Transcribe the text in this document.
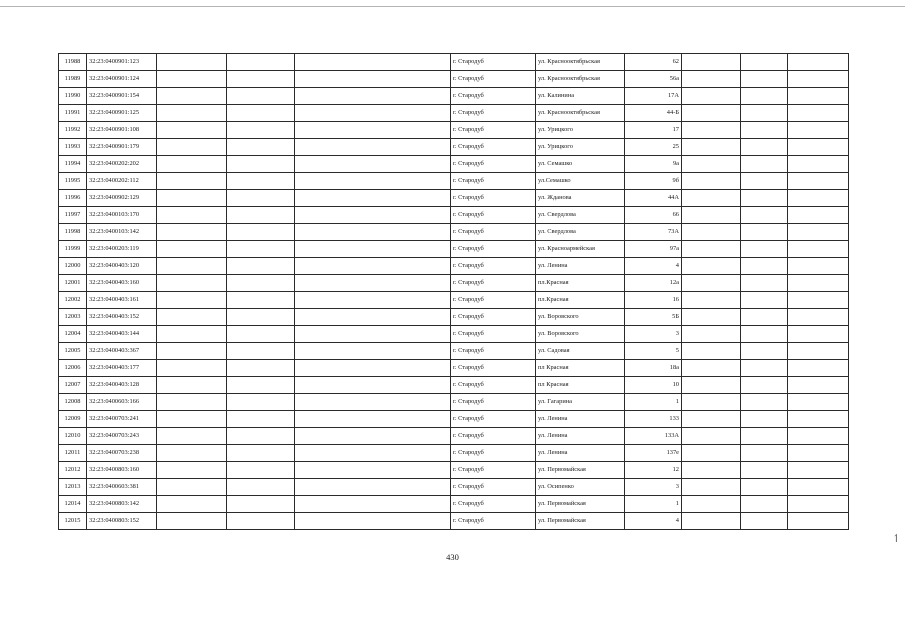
11988	32:23:0400901:123				г. Стародуб	ул. Краснооктябрьская	62			
11989	32:23:0400901:124				г. Стародуб	ул. Краснооктябрьская	56а			
11990	32:23:0400901:154				г. Стародуб	ул. Калинина	17А			
11991	32:23:0400901:125				г. Стародуб	ул. Краснооктябрьская	44-Б			
11992	32:23:0400901:108				г. Стародуб	ул. Урицкого	17			
11993	32:23:0400901:179				г. Стародуб	ул. Урицкого	25			
11994	32:23:0400202:202				г. Стародуб	ул. Семашко	9а			
11995	32:23:0400202:112				г. Стародуб	ул.Семашко	9б			
11996	32:23:0400902:129				г. Стародуб	ул. Жданова	44А			
11997	32:23:0400103:170				г. Стародуб	ул. Свердлова	66			
11998	32:23:0400103:142				г. Стародуб	ул. Свердлова	73А			
11999	32:23:0400203:119				г. Стародуб	ул. Красноармейская	97а			
12000	32:23:0400403:120				г. Стародуб	ул. Ленина	4			
12001	32:23:0400403:160				г. Стародуб	пл.Красная	12а			
12002	32:23:0400403:161				г. Стародуб	пл.Красная	16			
12003	32:23:0400403:152				г. Стародуб	ул. Воровского	5Б			
12004	32:23:0400403:144				г. Стародуб	ул. Воровского	3			
12005	32:23:0400403:367				г. Стародуб	ул. Садовая	5			
12006	32:23:0400403:177				г. Стародуб	пл Красная	18а			
12007	32:23:0400403:128				г. Стародуб	пл Красная	10			
12008	32:23:0400603:166				г. Стародуб	ул. Гагарина	1			
12009	32:23:0400703:241				г. Стародуб	ул. Ленина	133			
12010	32:23:0400703:243				г. Стародуб	ул. Ленина	133А			
12011	32:23:0400703:238				г. Стародуб	ул. Ленина	137е			
12012	32:23:0400803:160				г. Стародуб	ул. Первомайская	12			
12013	32:23:0400603:381				г. Стародуб	ул. Осипенко	3			
12014	32:23:0400803:142				г. Стародуб	ул. Первомайская	1			
12015	32:23:0400803:152				г. Стародуб	ул. Первомайская	4			
430
↿
